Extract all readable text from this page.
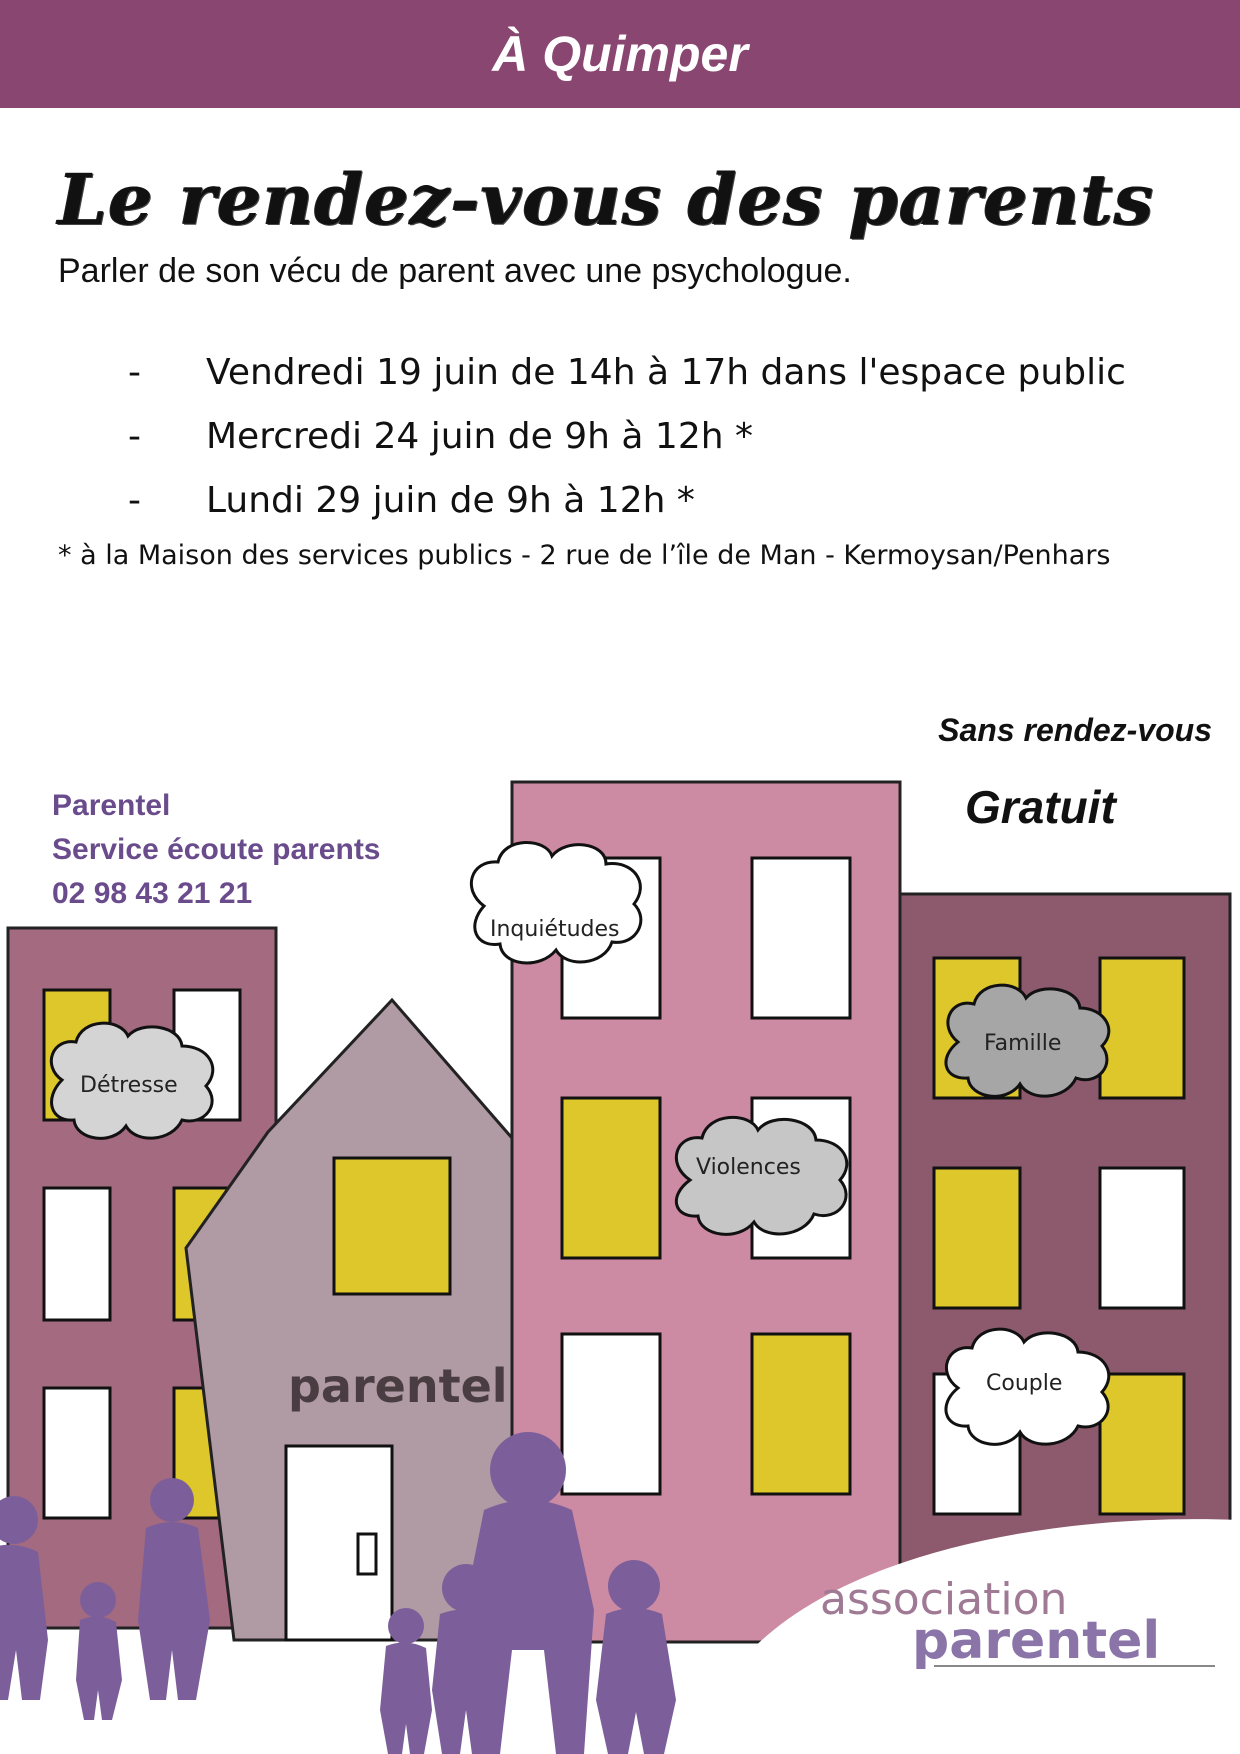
À Quimper
Le rendez-vous des parents
Parler de son vécu de parent avec une psychologue.
-	Vendredi 19 juin de 14h à 17h dans l'espace public
-	Mercredi 24 juin de 9h à 12h *
-	Lundi 29 juin de 9h à 12h *
* à la Maison des services publics - 2 rue de l’île de Man - Kermoysan/Penhars
parentel
association
parentel
Inquiétudes
Détresse
Famille
Violences
Couple
Sans rendez-vous
Gratuit
Parentel
Service écoute parents
02 98 43 21 21
